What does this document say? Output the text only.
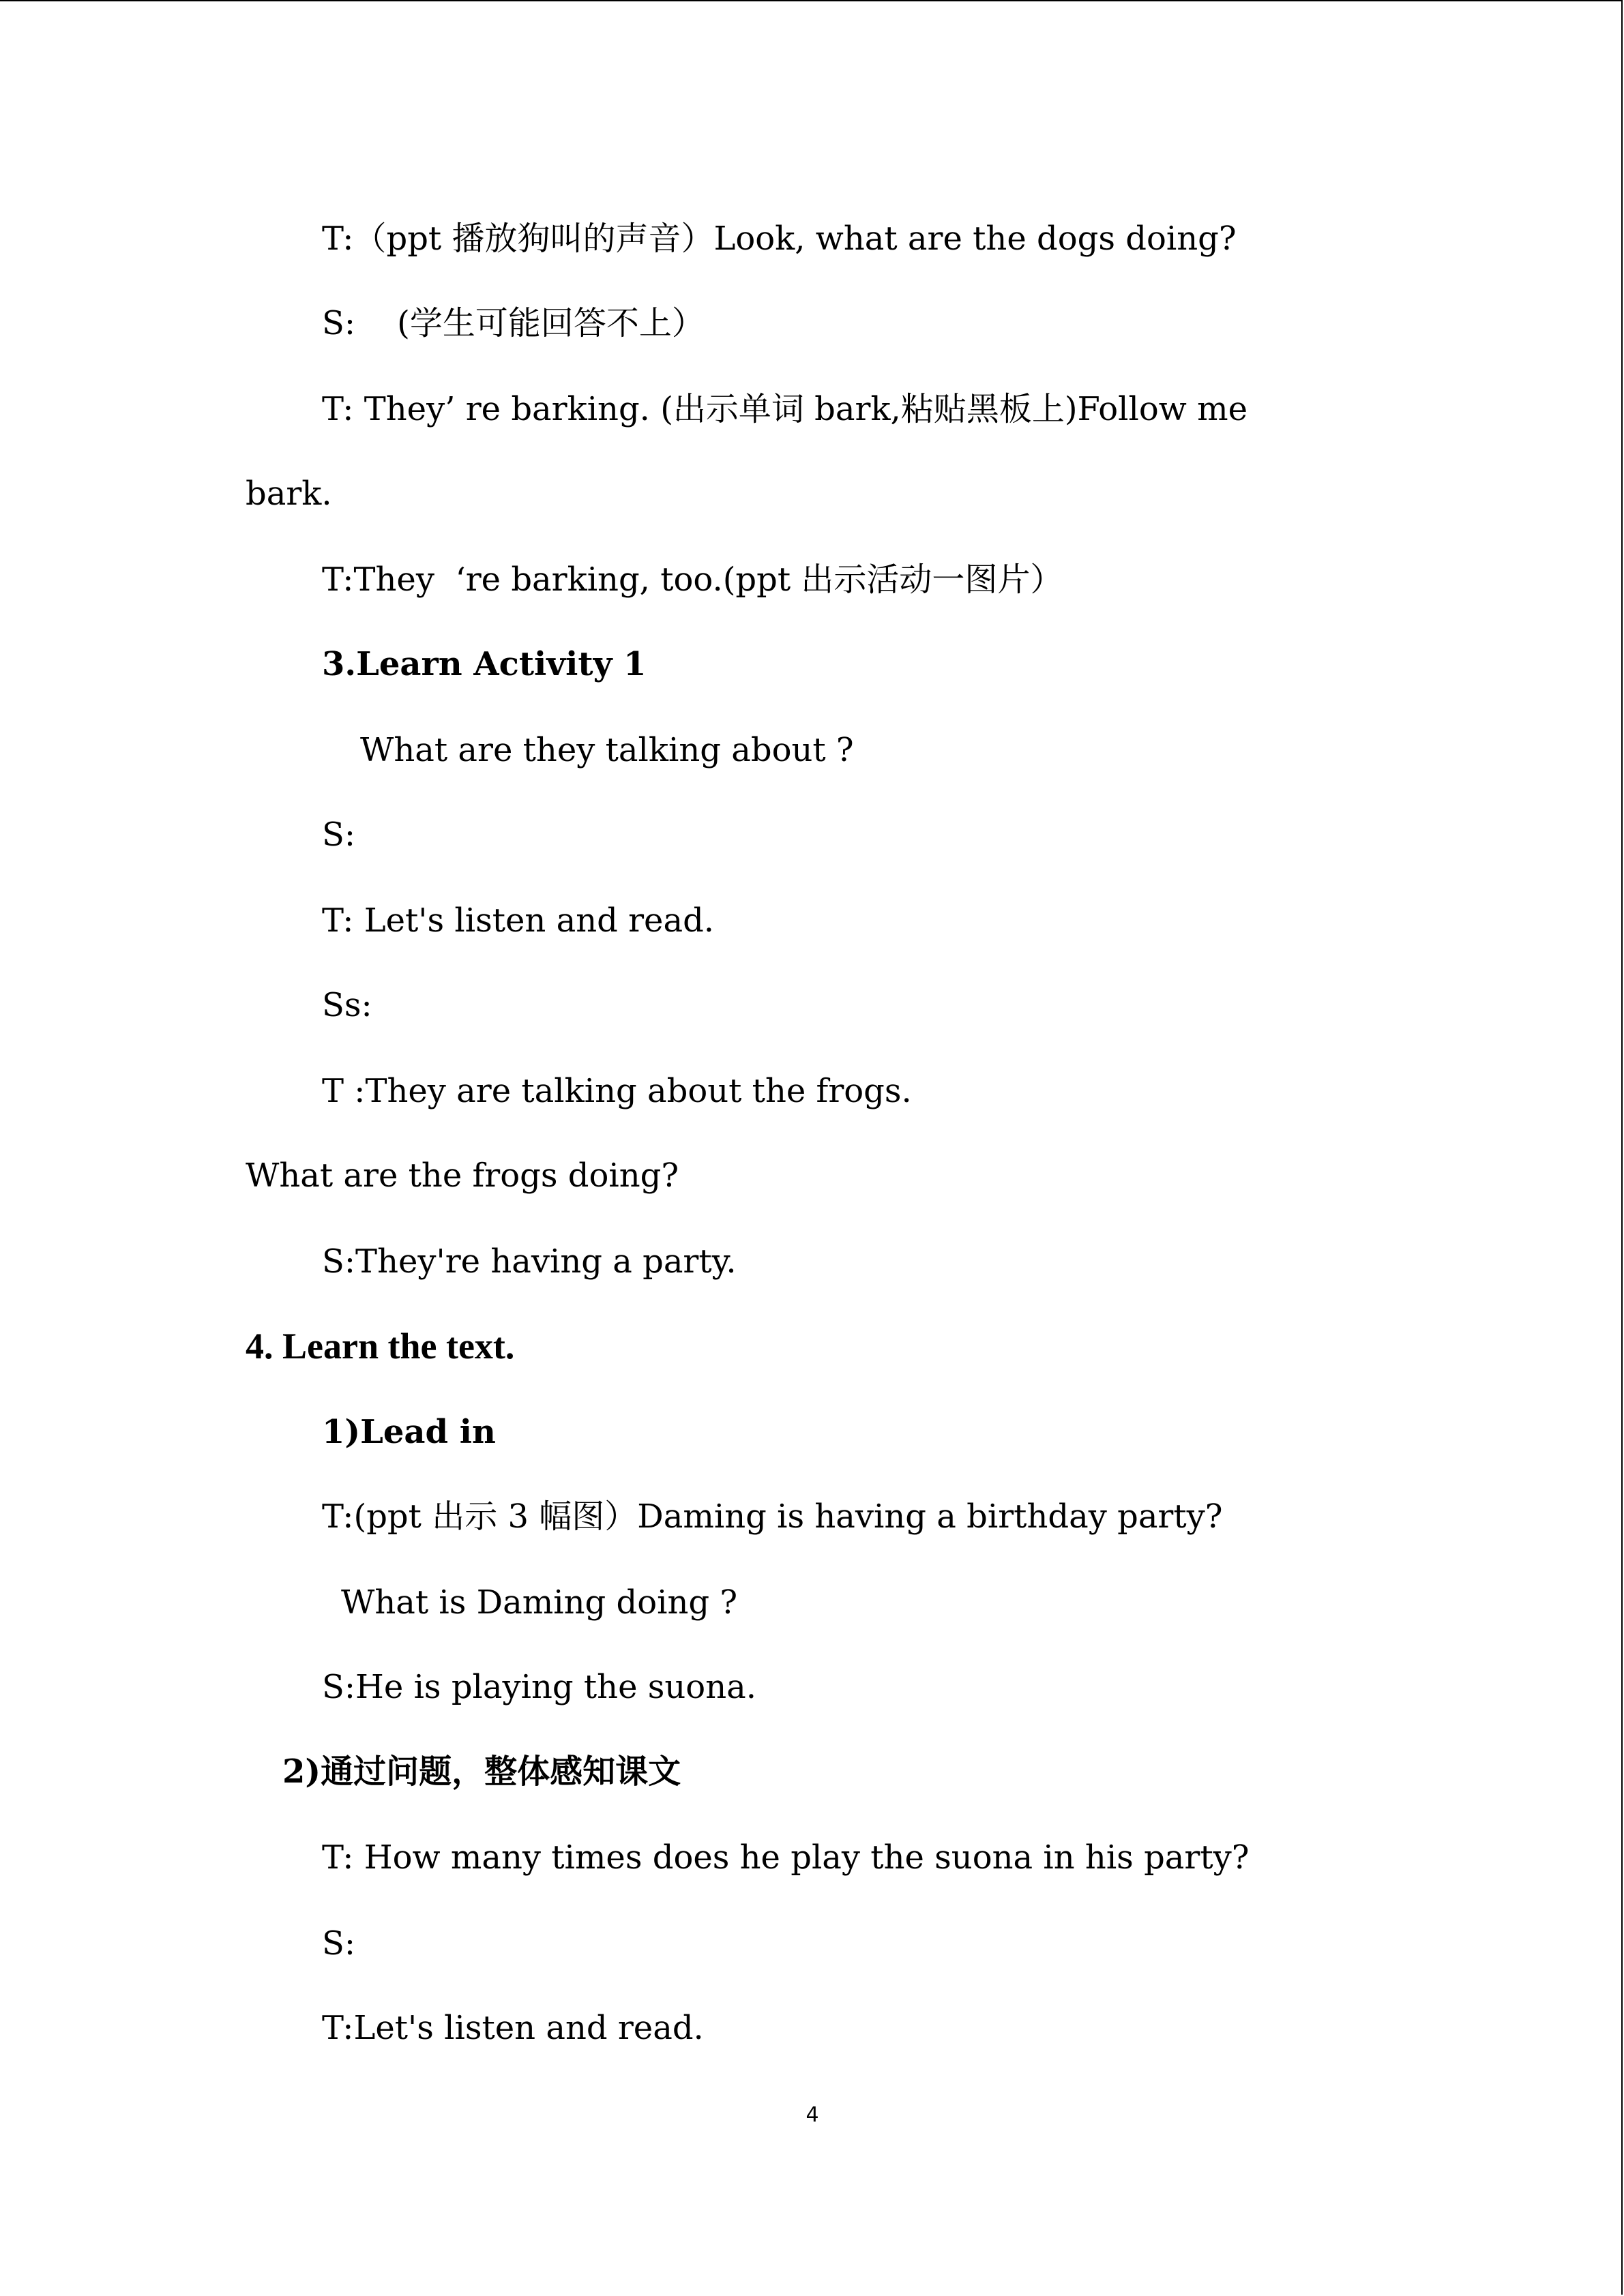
T:（ppt 播放狗叫的声音）Look, what are the dogs doing?
S:    (学生可能回答不上）
T: They’ re barking. (出示单词 bark,粘贴黑板上)Follow me
bark.
T:They  ‘re barking, too.(ppt 出示活动一图片）
3.Learn Activity 1
What are they talking about ?
S:
T: Let's listen and read.
Ss:
T :They are talking about the frogs.
What are the frogs doing?
S:They're having a party.
4. Learn the text.
1)Lead in
T:(ppt 出示 3 幅图）Daming is having a birthday party?
What is Daming doing ?
S:He is playing the suona.
2)通过问题，整体感知课文
T: How many times does he play the suona in his party?
S:
T:Let's listen and read.
4
